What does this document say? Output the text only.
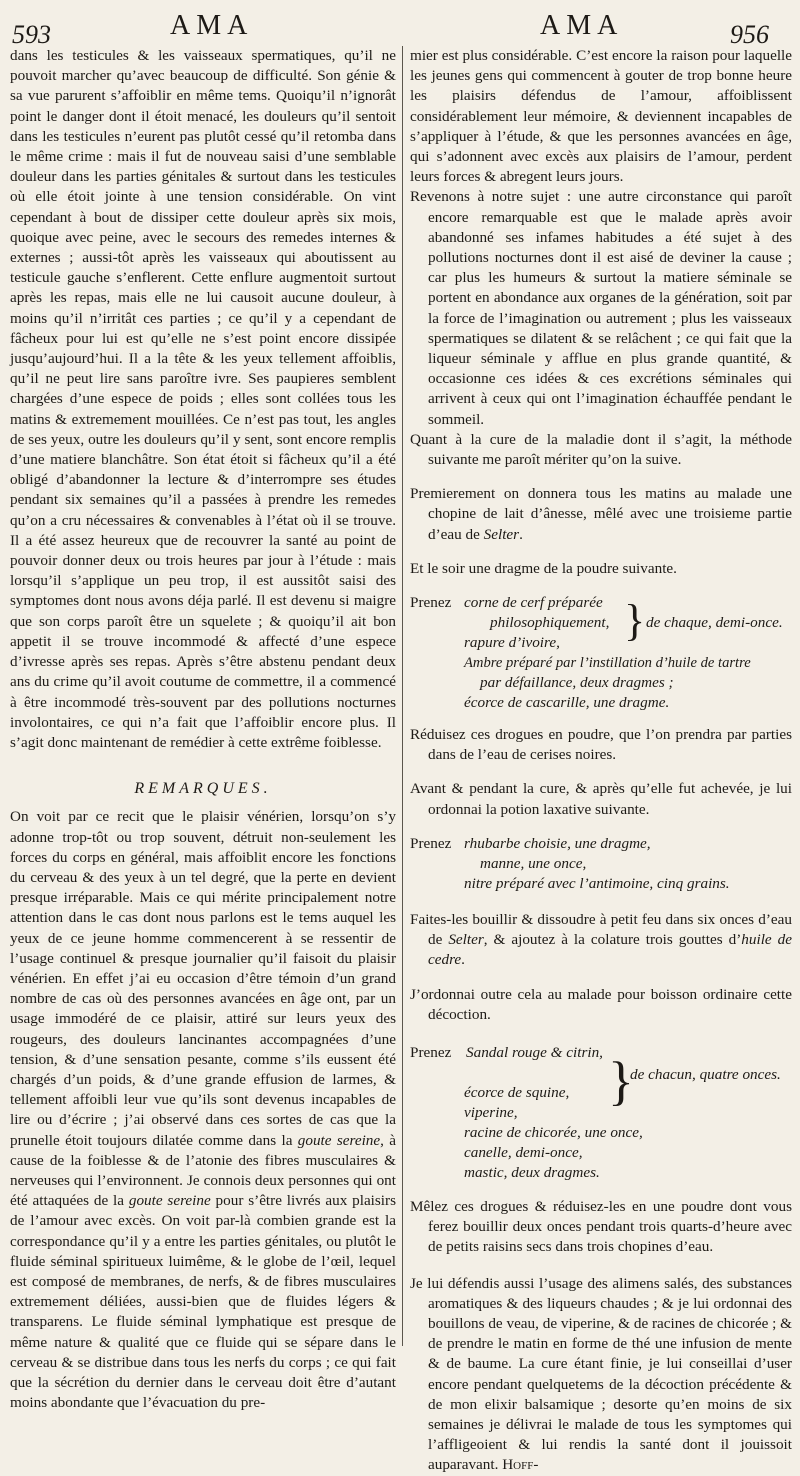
593	AMA	AMA	956

dans les testicules & les vaisseaux spermatiques, qu’il ne pouvoit marcher qu’avec beaucoup de difficulté. Son génie & sa vue parurent s’affoiblir en même tems. Quoiqu’il n’ignorât point le danger dont il étoit menacé, les douleurs qu’il sentoit dans les testicules n’eurent pas plutôt cessé qu’il retomba dans le même crime : mais il fut de nouveau saisi d’une semblable douleur dans les parties génitales & surtout dans les testicules où elle étoit jointe à une tension considérable. On vint cependant à bout de dissiper cette douleur après six mois, quoique avec peine, avec le secours des remedes internes & externes ; aussi-tôt après les vaisseaux qui aboutissent au testicule gauche s’enflerent. Cette enflure augmentoit surtout après les repas, mais elle ne lui causoit aucune douleur, à moins qu’il n’irritât ces parties ; ce qu’il y a cependant de fâcheux pour lui est qu’elle ne s’est point encore dissipée jusqu’aujourd’hui. Il a la tête & les yeux tellement affoiblis, qu’il ne peut lire sans paroître ivre. Ses paupieres semblent chargées d’une espece de poids ; elles sont collées tous les matins & extremement mouillées. Ce n’est pas tout, les angles de ses yeux, outre les douleurs qu’il y sent, sont encore remplis d’une matiere blanchâtre. Son état étoit si fâcheux qu’il a été obligé d’abandonner la lecture & d’interrompre ses études pendant six semaines qu’il a passées à prendre les remedes qu’on a cru nécessaires & convenables à l’état où il se trouve. Il a été assez heureux que de recouvrer la santé au point de pouvoir donner deux ou trois heures par jour à l’étude : mais lorsqu’il s’applique un peu trop, il est aussitôt saisi des symptomes dont nous avons déja parlé. Il est devenu si maigre que son corps paroît être un squelete ; & quoiqu’il ait bon appetit il se trouve incommodé & affecté d’une espece d’ivresse après ses repas. Après s’être abstenu pendant deux ans du crime qu’il avoit coutume de commettre, il a commencé à être incommodé très-souvent par des pollutions nocturnes involontaires, ce qui n’a fait que l’affoiblir encore plus. Il s’agit donc maintenant de remédier à cette extrême foiblesse.

REMARQUES.

On voit par ce recit que le plaisir vénérien, lorsqu’on s’y adonne trop-tôt ou trop souvent, détruit non-seulement les forces du corps en général, mais affoiblit encore les fonctions du cerveau & des yeux à un tel degré, que la perte en devient presque irréparable. Mais ce qui mérite principalement notre attention dans le cas dont nous parlons est le tems auquel les yeux de ce jeune homme commencerent à se ressentir de l’usage continuel & presque journalier qu’il faisoit du plaisir vénérien. En effet j’ai eu occasion d’être témoin d’un grand nombre de cas où des personnes avancées en âge ont, par un usage immodéré de ce plaisir, attiré sur leurs yeux des rougeurs, des douleurs lancinantes accompagnées d’une tension, & d’une sensation pesante, comme s’ils eussent été chargés d’un poids, & d’une grande effusion de larmes, & tellement affoibli leur vue qu’ils sont devenus incapables de lire ou d’écrire ; j’ai observé dans ces sortes de cas que la prunelle étoit toujours dilatée comme dans la goute sereine, à cause de la foiblesse & de l’atonie des fibres musculaires & nerveuses qui l’environnent. Je connois deux personnes qui ont été attaquées de la goute sereine pour s’être livrés aux plaisirs de l’amour avec excès. On voit par-là combien grande est la correspondance qu’il y a entre les parties génitales, ou plutôt le fluide séminal spiritueux luimême, & le globe de l’œil, lequel est composé de membranes, de nerfs, & de fibres musculaires extremement déliées, aussi-bien que de fluides légers & transparens. Le fluide séminal lymphatique est presque de même nature & qualité que ce fluide qui se sépare dans le cerveau & se distribue dans tous les nerfs du corps ; ce qui fait que la sécrétion du dernier dans le cerveau doit être d’autant moins abondante que l’évacuation du pre-

mier est plus considérable. C’est encore la raison pour laquelle les jeunes gens qui commencent à gouter de trop bonne heure les plaisirs défendus de l’amour, affoiblissent considérablement leur mémoire, & deviennent incapables de s’appliquer à l’étude, & que les personnes avancées en âge, qui s’adonnent avec excès aux plaisirs de l’amour, perdent leurs forces & abregent leurs jours.

Revenons à notre sujet : une autre circonstance qui paroît encore remarquable est que le malade après avoir abandonné ses infames habitudes a été sujet à des pollutions nocturnes dont il est aisé de deviner la cause ; car plus les humeurs & surtout la matiere séminale se portent en abondance aux organes de la génération, soit par la force de l’imagination ou autrement ; plus les vaisseaux spermatiques se dilatent & se relâchent ; ce qui fait que la liqueur séminale y afflue en plus grande quantité, & occasionne ces idées & ces excrétions séminales qui arrivent à ceux qui ont l’imagination échauffée pendant le sommeil.

Quant à la cure de la maladie dont il s’agit, la méthode suivante me paroît mériter qu’on la suive.

Premierement on donnera tous les matins au malade une chopine de lait d’ânesse, mêlé avec une troisieme partie d’eau de Selter.

Et le soir une dragme de la poudre suivante.

Prenez corne de cerf préparée
philosophiquement,
rapure d’ivoire, } de chaque, demi-once.
Ambre préparé par l’instillation d’huile de tartre
par défaillance, deux dragmes ;
écorce de cascarille, une dragme.

Réduisez ces drogues en poudre, que l’on prendra par parties dans de l’eau de cerises noires.

Avant & pendant la cure, & après qu’elle fut achevée, je lui ordonnai la potion laxative suivante.

Prenez rhubarbe choisie, une dragme,
manne, une once,
nitre préparé avec l’antimoine, cinq grains.

Faites-les bouillir & dissoudre à petit feu dans six onces d’eau de Selter, & ajoutez à la colature trois gouttes d’huile de cedre.

J’ordonnai outre cela au malade pour boisson ordinaire cette décoction.

Prenez Sandal rouge & citrin,
écorce de squine,
viperine,
}
de chacun, quatre onces.
racine de chicorée, une once,
canelle, demi-once,
mastic, deux dragmes.

Mêlez ces drogues & réduisez-les en une poudre dont vous ferez bouillir deux onces pendant trois quarts-d’heure avec de petits raisins secs dans trois chopines d’eau.

Je lui défendis aussi l’usage des alimens salés, des substances aromatiques & des liqueurs chaudes ; & je lui ordonnai des bouillons de veau, de viperine, & de racines de chicorée ; & de prendre le matin en forme de thé une infusion de mente & de baume. La cure étant finie, je lui conseillai d’user encore pendant quelquetems de la décoction précédente & de mon elixir balsamique ; desorte qu’en moins de six semaines je délivrai le malade de tous les symptomes qui l’affligeoient & lui rendis la santé dont il jouissoit auparavant. Hoff-
